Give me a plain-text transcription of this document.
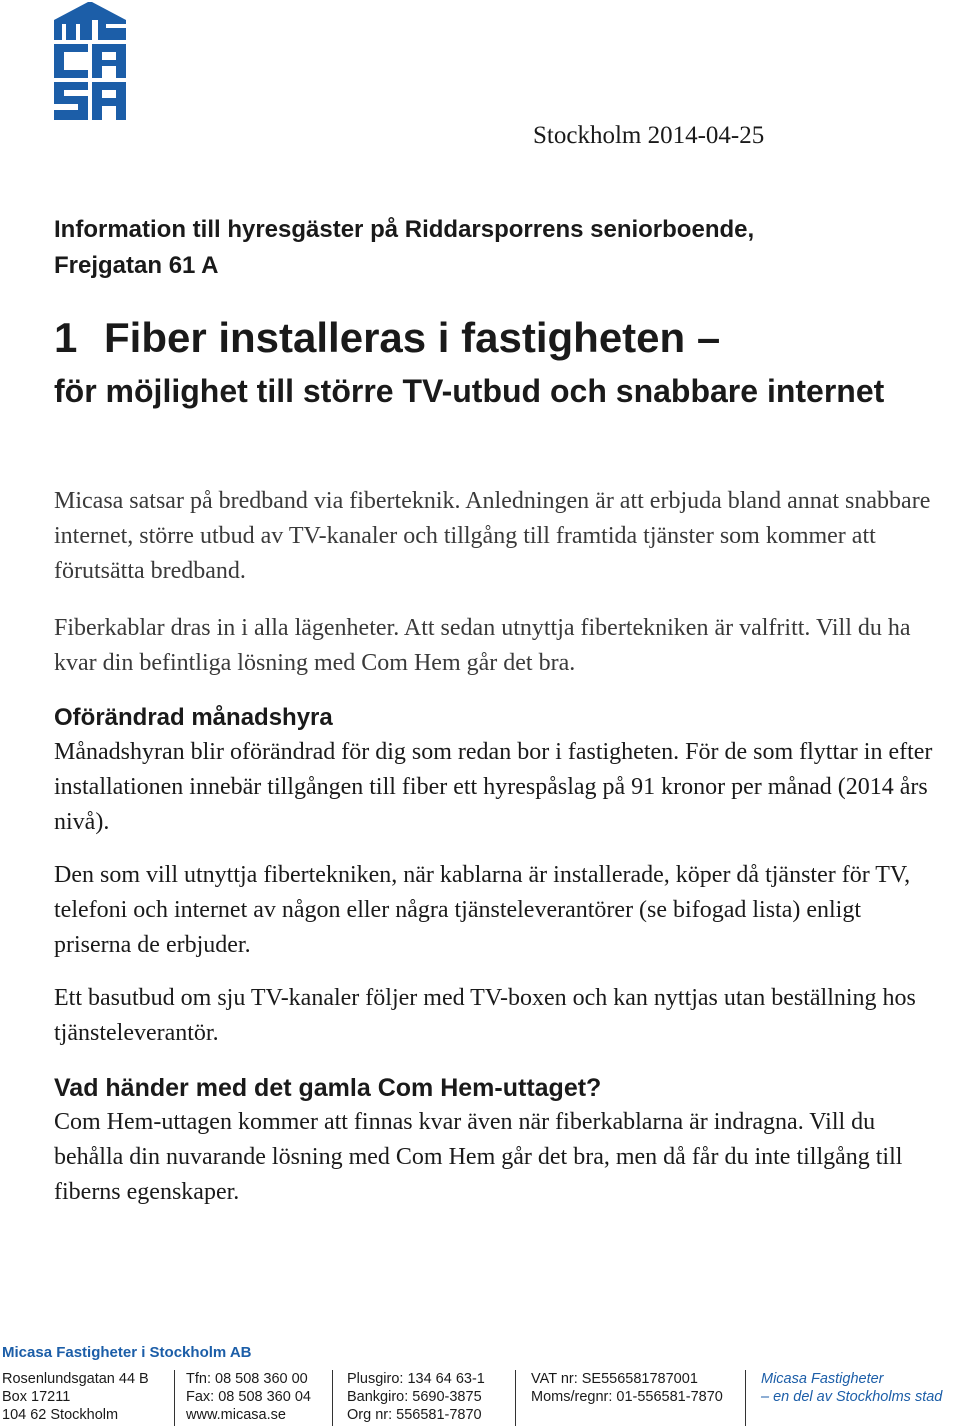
Stockholm 2014-04-25
Information till hyresgäster på Riddarsporrens seniorboende,
Frejgatan 61 A
1 Fiber installeras i fastigheten –
för möjlighet till större TV-utbud och snabbare internet
Micasa satsar på bredband via fiberteknik. Anledningen är att erbjuda bland annat snabbare internet, större utbud av TV-kanaler och tillgång till framtida tjänster som kommer att förutsätta bredband.
Fiberkablar dras in i alla lägenheter. Att sedan utnyttja fibertekniken är valfritt. Vill du ha kvar din befintliga lösning med Com Hem går det bra.
Oförändrad månadshyra
Månadshyran blir oförändrad för dig som redan bor i fastigheten. För de som flyttar in efter installationen innebär tillgången till fiber ett hyrespåslag på 91 kronor per månad (2014 års nivå).
Den som vill utnyttja fibertekniken, när kablarna är installerade, köper då tjänster för TV, telefoni och internet av någon eller några tjänsteleverantörer (se bifogad lista) enligt priserna de erbjuder.
Ett basutbud om sju TV-kanaler följer med TV-boxen och kan nyttjas utan beställning hos tjänsteleverantör.
Vad händer med det gamla Com Hem-uttaget?
Com Hem-uttagen kommer att finnas kvar även när fiberkablarna är indragna. Vill du behålla din nuvarande lösning med Com Hem går det bra, men då får du inte tillgång till fiberns egenskaper.
Micasa Fastigheter i Stockholm AB
Rosenlundsgatan 44 B
Box 17211
104 62 Stockholm
Tfn: 08 508 360 00
Fax: 08 508 360 04
www.micasa.se
Plusgiro: 134 64 63-1
Bankgiro: 5690-3875
Org nr: 556581-7870
VAT nr: SE556581787001
Moms/regnr: 01-556581-7870
Micasa Fastigheter
– en del av Stockholms stad
